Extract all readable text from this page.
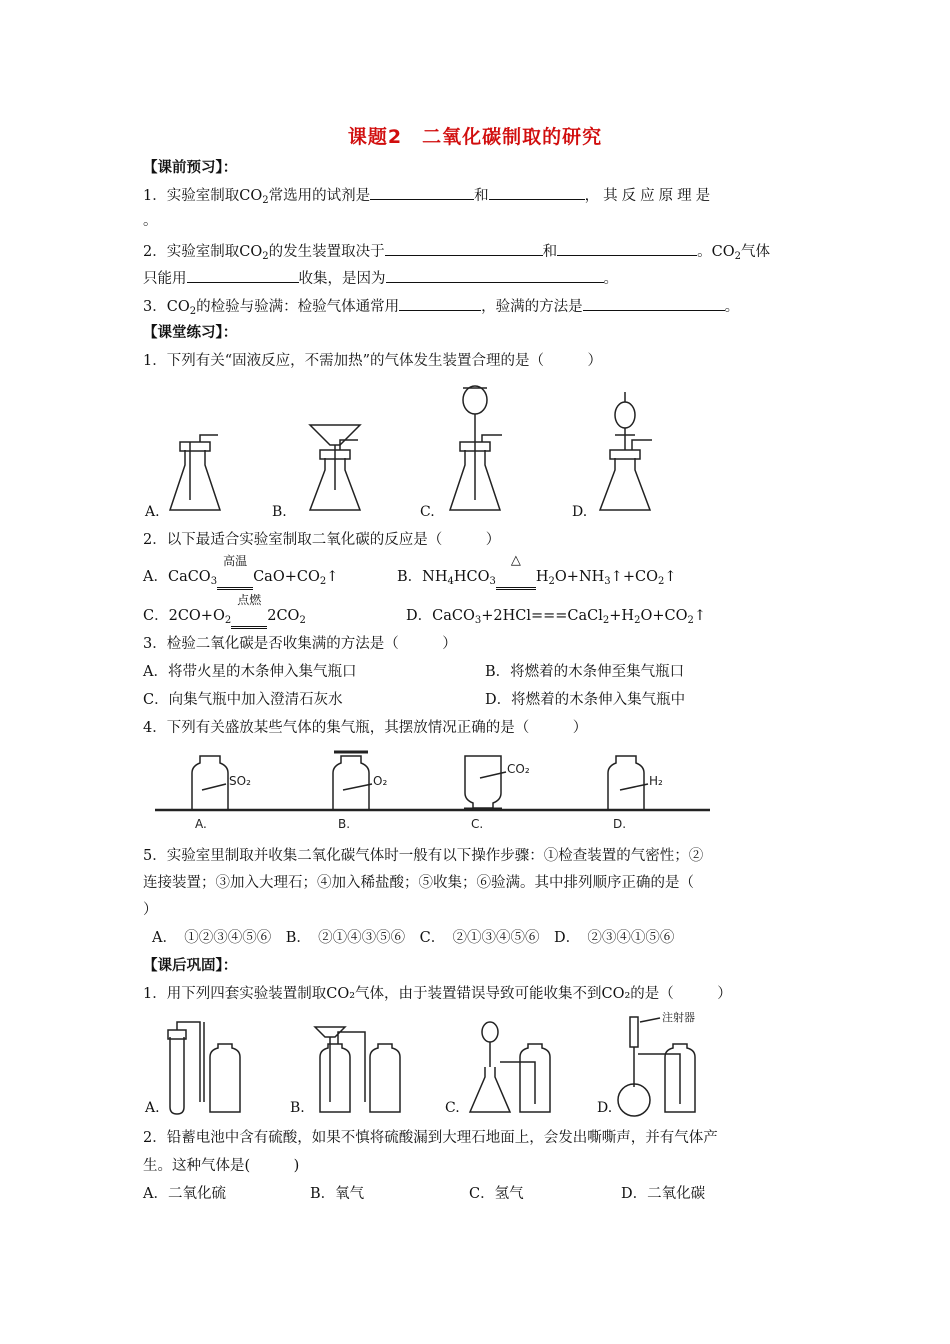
课题2　二氧化碳制取的研究
【课前预习】：
1．实验室制取$CO_2$常选用的试剂是	和	，其反应原理是
。
2．实验室制取$CO_2$的发生装置取决于	和	。$CO_2$气体
只能用	收集，是因为	。
3．$CO_2$的检验与验满：检验气体通常用	，验满的方法是	。
【课堂练习】：
1．下列有关“固液反应，不需加热”的气体发生装置合理的是（　　　）
A.	B.	C.	D.
2．以下最适合实验室制取二氧化碳的反应是（　　　）
A．CaCO$_3$
高温
$CaO+CO_2↑$	B．$NH_4HCO_3$
△
$H_2O+NH_3↑+CO_2↑$
C．$2CO+O_2$
点燃
$2CO_2$	D．$CaCO_3+2HCl===CaCl_2+H_2O+CO_2↑$
3．检验二氧化碳是否收集满的方法是（　　　）
A．将带火星的木条伸入集气瓶口	B．将燃着的木条伸至集气瓶口
C．向集气瓶中加入澄清石灰水	D．将燃着的木条伸入集气瓶中
4．下列有关盛放某些气体的集气瓶，其摆放情况正确的是（　　　）
SO₂	O₂
CO₂
H₂
A.	B.	C.	D.
5．实验室里制取并收集二氧化碳气体时一般有以下操作步骤：①检查装置的气密性；②
连接装置；③加入大理石；④加入稀盐酸；⑤收集；⑥验满。其中排列顺序正确的是（
）
A．　①②③④⑤⑥　B．　②①④③⑤⑥　C．　②①③④⑤⑥　D．　②③④①⑤⑥
【课后巩固】：
1．用下列四套实验装置制取CO₂气体，由于装置错误导致可能收集不到CO₂的是（　　　）
注射器
A.	B.	C.	D.
2．铅蓄电池中含有硫酸，如果不慎将硫酸漏到大理石地面上，会发出嘶嘶声，并有气体产
生。这种气体是(　　　)
A．二氧化硫	B．氧气	C．氢气	D．二氧化碳
